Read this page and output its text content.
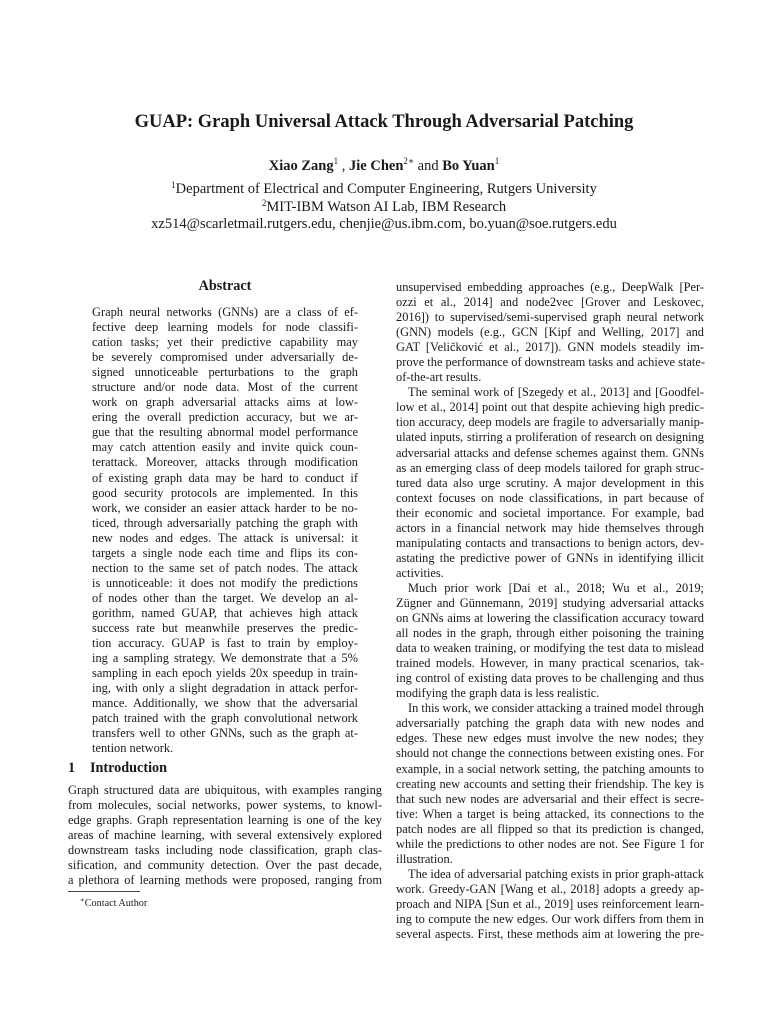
GUAP: Graph Universal Attack Through Adversarial Patching
Xiao Zang$^1$ , Jie Chen$^{2∗}$ and Bo Yuan$^1$
$^1$Department of Electrical and Computer Engineering, Rutgers University
$^2$MIT-IBM Watson AI Lab, IBM Research
xz514@scarletmail.rutgers.edu, chenjie@us.ibm.com, bo.yuan@soe.rutgers.edu
Abstract
Graph neural networks (GNNs) are a class of ef-
fective deep learning models for node classifi-
cation tasks; yet their predictive capability may
be severely compromised under adversarially de-
signed unnoticeable perturbations to the graph
structure and/or node data. Most of the current
work on graph adversarial attacks aims at low-
ering the overall prediction accuracy, but we ar-
gue that the resulting abnormal model performance
may catch attention easily and invite quick coun-
terattack. Moreover, attacks through modification
of existing graph data may be hard to conduct if
good security protocols are implemented. In this
work, we consider an easier attack harder to be no-
ticed, through adversarially patching the graph with
new nodes and edges. The attack is universal: it
targets a single node each time and flips its con-
nection to the same set of patch nodes. The attack
is unnoticeable: it does not modify the predictions
of nodes other than the target. We develop an al-
gorithm, named GUAP, that achieves high attack
success rate but meanwhile preserves the predic-
tion accuracy. GUAP is fast to train by employ-
ing a sampling strategy. We demonstrate that a 5%
sampling in each epoch yields 20x speedup in train-
ing, with only a slight degradation in attack perfor-
mance. Additionally, we show that the adversarial
patch trained with the graph convolutional network
transfers well to other GNNs, such as the graph at-
tention network.
1 Introduction
Graph structured data are ubiquitous, with examples ranging
from molecules, social networks, power systems, to knowl-
edge graphs. Graph representation learning is one of the key
areas of machine learning, with several extensively explored
downstream tasks including node classification, graph clas-
sification, and community detection. Over the past decade,
a plethora of learning methods were proposed, ranging from
∗Contact Author
unsupervised embedding approaches (e.g., DeepWalk [Per-
ozzi et al., 2014] and node2vec [Grover and Leskovec,
2016]) to supervised/semi-supervised graph neural network
(GNN) models (e.g., GCN [Kipf and Welling, 2017] and
GAT [Veličković et al., 2017]). GNN models steadily im-
prove the performance of downstream tasks and achieve state-
of-the-art results.
The seminal work of [Szegedy et al., 2013] and [Goodfel-
low et al., 2014] point out that despite achieving high predic-
tion accuracy, deep models are fragile to adversarially manip-
ulated inputs, stirring a proliferation of research on designing
adversarial attacks and defense schemes against them. GNNs
as an emerging class of deep models tailored for graph struc-
tured data also urge scrutiny. A major development in this
context focuses on node classifications, in part because of
their economic and societal importance. For example, bad
actors in a financial network may hide themselves through
manipulating contacts and transactions to benign actors, dev-
astating the predictive power of GNNs in identifying illicit
activities.
Much prior work [Dai et al., 2018; Wu et al., 2019;
Zügner and Günnemann, 2019] studying adversarial attacks
on GNNs aims at lowering the classification accuracy toward
all nodes in the graph, through either poisoning the training
data to weaken training, or modifying the test data to mislead
trained models. However, in many practical scenarios, tak-
ing control of existing data proves to be challenging and thus
modifying the graph data is less realistic.
In this work, we consider attacking a trained model through
adversarially patching the graph data with new nodes and
edges. These new edges must involve the new nodes; they
should not change the connections between existing ones. For
example, in a social network setting, the patching amounts to
creating new accounts and setting their friendship. The key is
that such new nodes are adversarial and their effect is secre-
tive: When a target is being attacked, its connections to the
patch nodes are all flipped so that its prediction is changed,
while the predictions to other nodes are not. See Figure 1 for
illustration.
The idea of adversarial patching exists in prior graph-attack
work. Greedy-GAN [Wang et al., 2018] adopts a greedy ap-
proach and NIPA [Sun et al., 2019] uses reinforcement learn-
ing to compute the new edges. Our work differs from them in
several aspects. First, these methods aim at lowering the pre-
